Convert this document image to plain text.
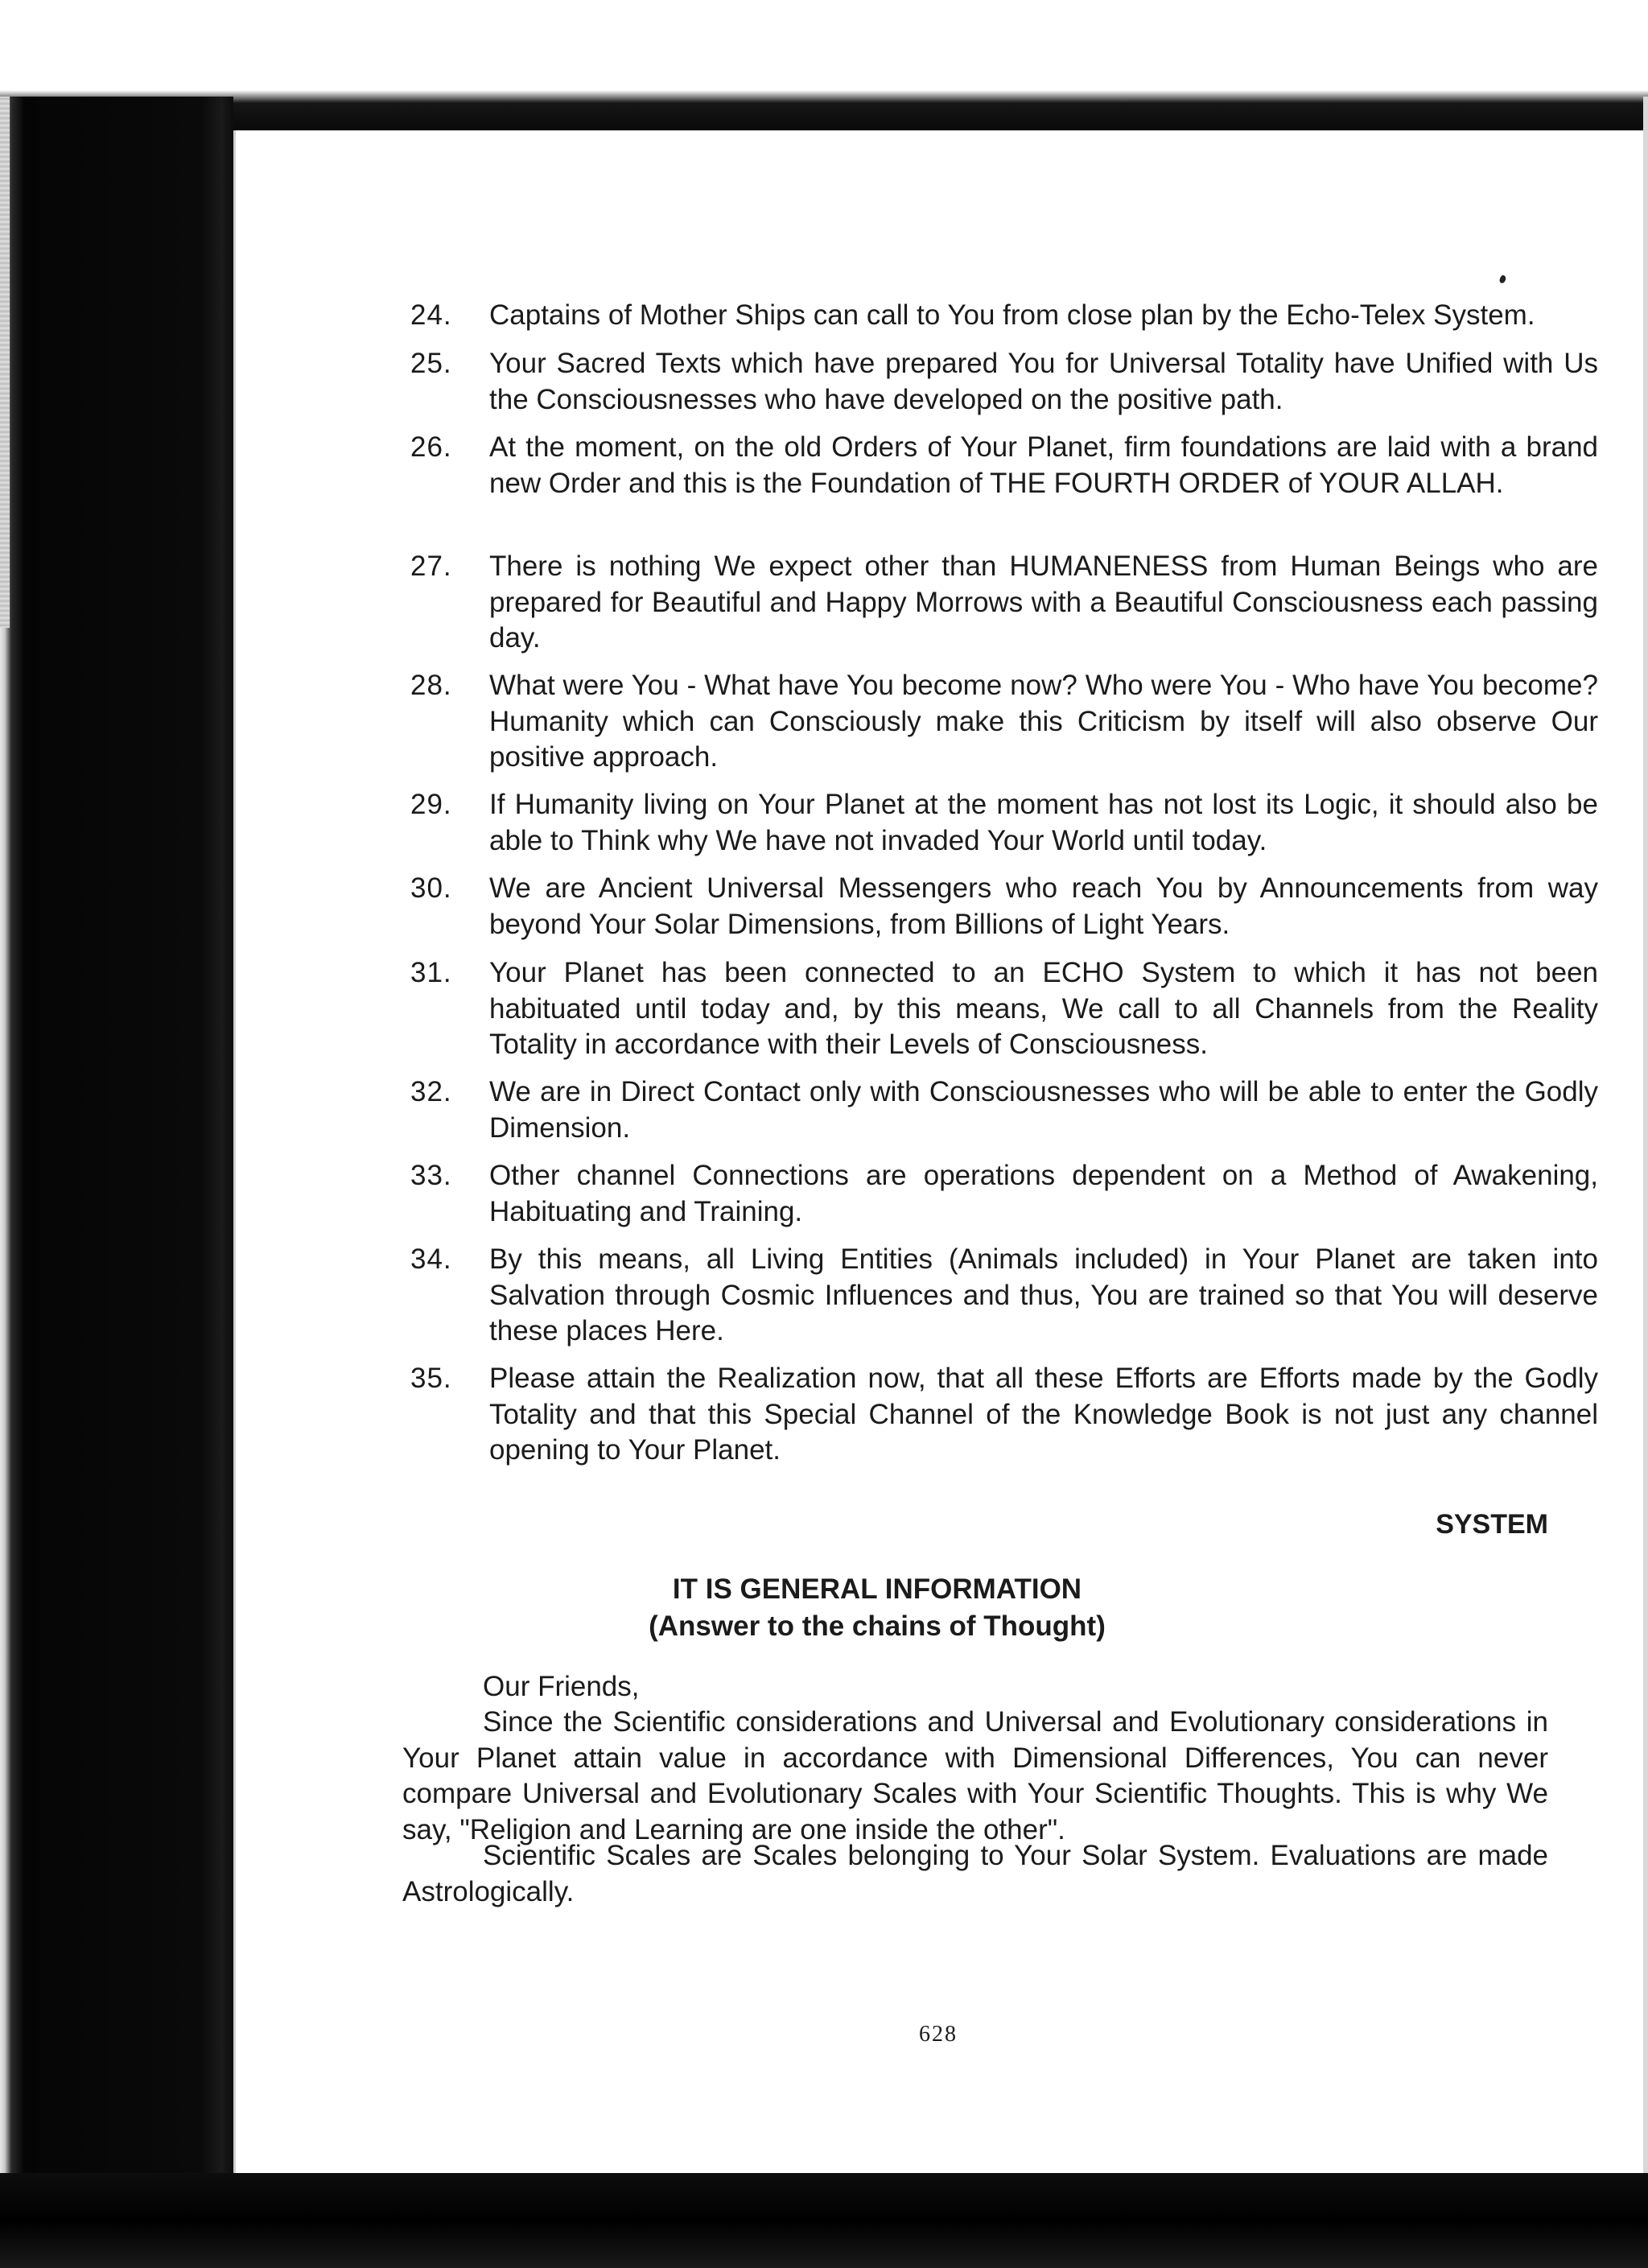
24.	Captains of Mother Ships can call to You from close plan by the Echo-Telex System.
25.	Your Sacred Texts which have prepared You for Universal Totality have Unified with Us the Consciousnesses who have developed on the positive path.
26.	At the moment, on the old Orders of Your Planet, firm foundations are laid with a brand new Order and this is the Foundation of THE FOURTH ORDER of YOUR ALLAH.
27.	There is nothing We expect other than HUMANENESS from Human Beings who are prepared for Beautiful and Happy Morrows with a Beautiful Consciousness each passing day.
28.	What were You - What have You become now? Who were You - Who have You become? Humanity which can Consciously make this Criticism by itself will also observe Our positive approach.
29.	If Humanity living on Your Planet at the moment has not lost its Logic, it should also be able to Think why We have not invaded Your World until today.
30.	We are Ancient Universal Messengers who reach You by Announcements from way beyond Your Solar Dimensions, from Billions of Light Years.
31.	Your Planet has been connected to an ECHO System to which it has not been habituated until today and, by this means, We call to all Channels from the Reality Totality in accordance with their Levels of Consciousness.
32.	We are in Direct Contact only with Consciousnesses who will be able to enter the Godly Dimension.
33.	Other channel Connections are operations dependent on a Method of Awakening, Habituating and Training.
34.	By this means, all Living Entities (Animals included) in Your Planet are taken into Salvation through Cosmic Influences and thus, You are trained so that You will deserve these places Here.
35.	Please attain the Realization now, that all these Efforts are Efforts made by the Godly Totality and that this Special Channel of the Knowledge Book is not just any channel opening to Your Planet.
SYSTEM
IT IS GENERAL INFORMATION
(Answer to the chains of Thought)
Our Friends,
Since the Scientific considerations and Universal and Evolutionary considerations in Your Planet attain value in accordance with Dimensional Differences, You can never compare Universal and Evolutionary Scales with Your Scientific Thoughts. This is why We say, "Religion and Learning are one inside the other".
Scientific Scales are Scales belonging to Your Solar System. Evaluations are made Astrologically.
628
